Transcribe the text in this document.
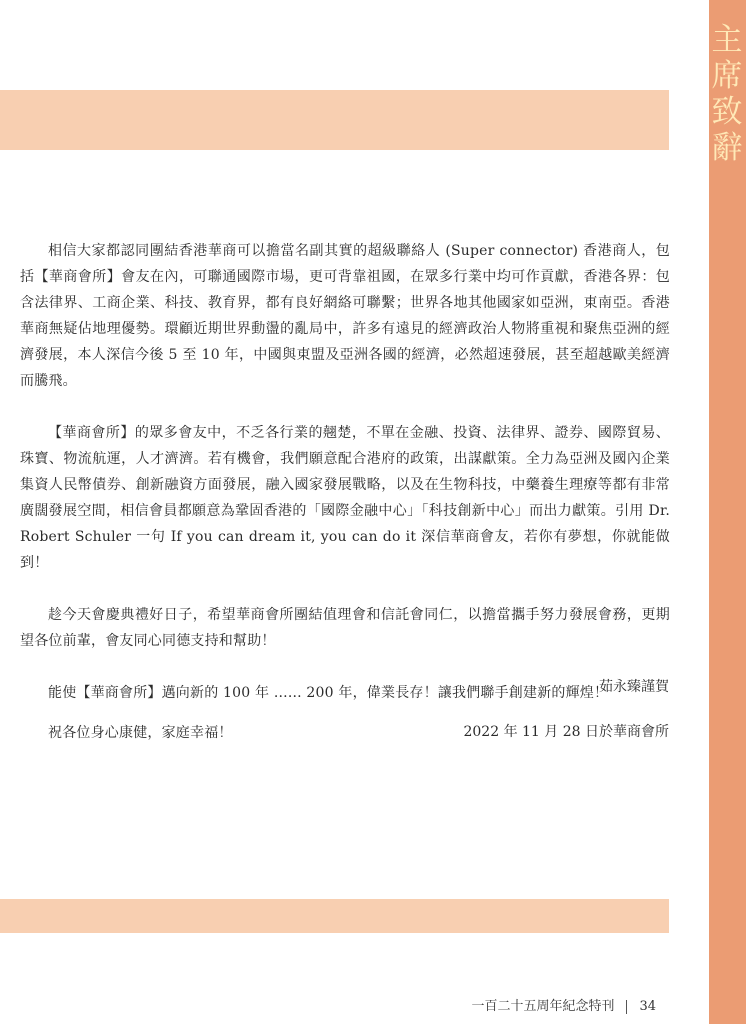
主
席
致
辭

相信大家都認同團結香港華商可以擔當名副其實的超級聯絡人 (Super connector) 香港商人，包括【華商會所】會友在內，可聯通國際市場，更可背靠祖國，在眾多行業中均可作貢獻，香港各界：包含法律界、工商企業、科技、教育界，都有良好網絡可聯繫；世界各地其他國家如亞洲，東南亞。香港華商無疑佔地理優勢。環顧近期世界動盪的亂局中，許多有遠見的經濟政治人物將重視和聚焦亞洲的經濟發展，本人深信今後 5 至 10 年，中國與東盟及亞洲各國的經濟，必然超速發展，甚至超越歐美經濟而騰飛。

【華商會所】的眾多會友中，不乏各行業的翹楚，不單在金融、投資、法律界、證券、國際貿易、珠寶、物流航運，人才濟濟。若有機會，我們願意配合港府的政策，出謀獻策。全力為亞洲及國內企業集資人民幣債券、創新融資方面發展，融入國家發展戰略，以及在生物科技，中藥養生理療等都有非常廣闊發展空間，相信會員都願意為鞏固香港的「國際金融中心」「科技創新中心」而出力獻策。引用 Dr. Robert Schuler 一句 If you can dream it, you can do it 深信華商會友，若你有夢想，你就能做到！

趁今天會慶典禮好日子，希望華商會所團結值理會和信託會同仁，以擔當攜手努力發展會務，更期望各位前輩，會友同心同德支持和幫助！

能使【華商會所】邁向新的 100 年 ...... 200 年，偉業長存！讓我們聯手創建新的輝煌！

祝各位身心康健，家庭幸福！

茹永臻謹賀
2022 年 11 月 28 日於華商會所
一百二十五周年紀念特刊 34
